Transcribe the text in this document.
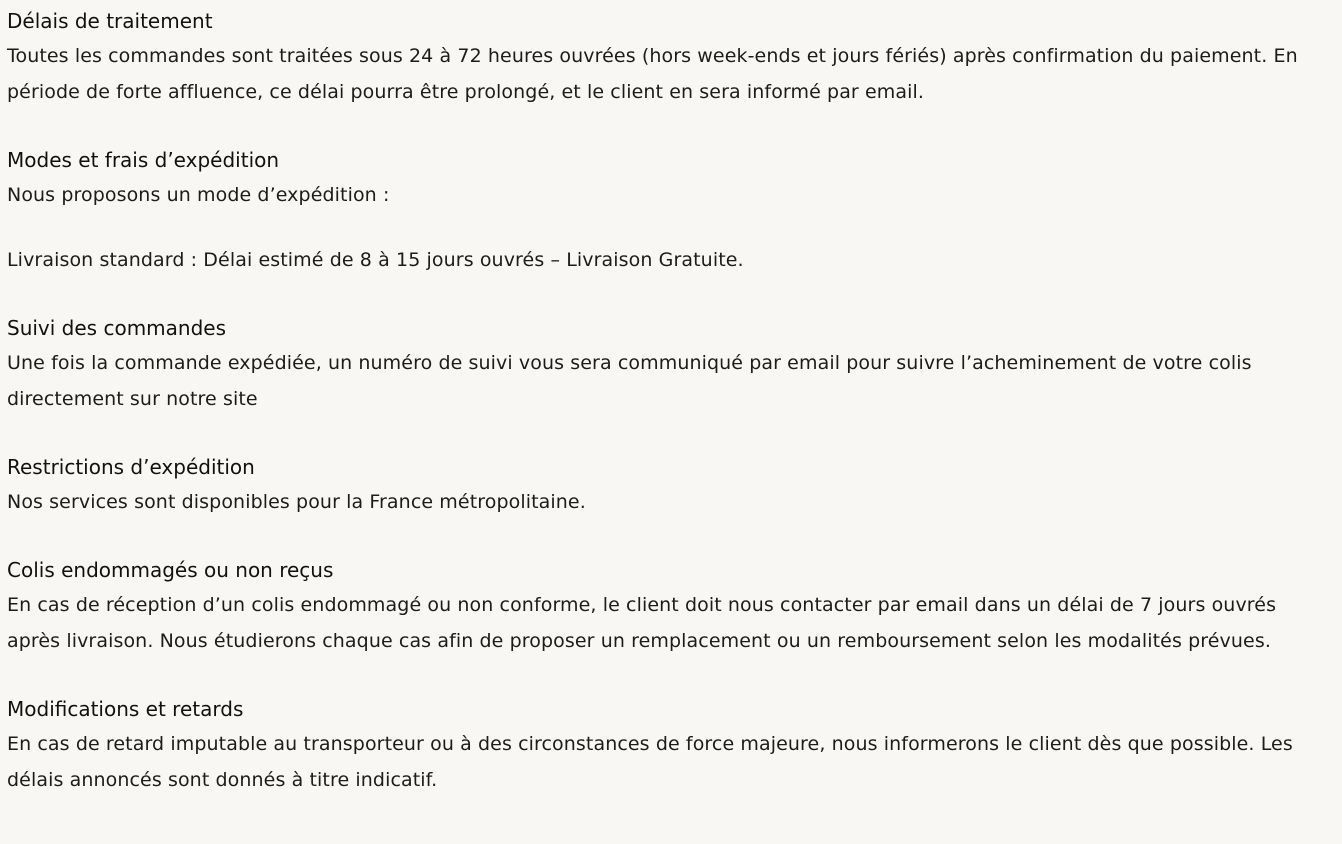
Délais de traitement

Toutes les commandes sont traitées sous 24 à 72 heures ouvrées (hors week-ends et jours fériés) après confirmation du paiement. En période de forte affluence, ce délai pourra être prolongé, et le client en sera informé par email.

Modes et frais d’expédition

Nous proposons un mode d’expédition :

Livraison standard : Délai estimé de 8 à 15 jours ouvrés – Livraison Gratuite.

Suivi des commandes

Une fois la commande expédiée, un numéro de suivi vous sera communiqué par email pour suivre l’acheminement de votre colis directement sur notre site

Restrictions d’expédition

Nos services sont disponibles pour la France métropolitaine.

Colis endommagés ou non reçus

En cas de réception d’un colis endommagé ou non conforme, le client doit nous contacter par email dans un délai de 7 jours ouvrés après livraison. Nous étudierons chaque cas afin de proposer un remplacement ou un remboursement selon les modalités prévues.

Modifications et retards

En cas de retard imputable au transporteur ou à des circonstances de force majeure, nous informerons le client dès que possible. Les délais annoncés sont donnés à titre indicatif.
